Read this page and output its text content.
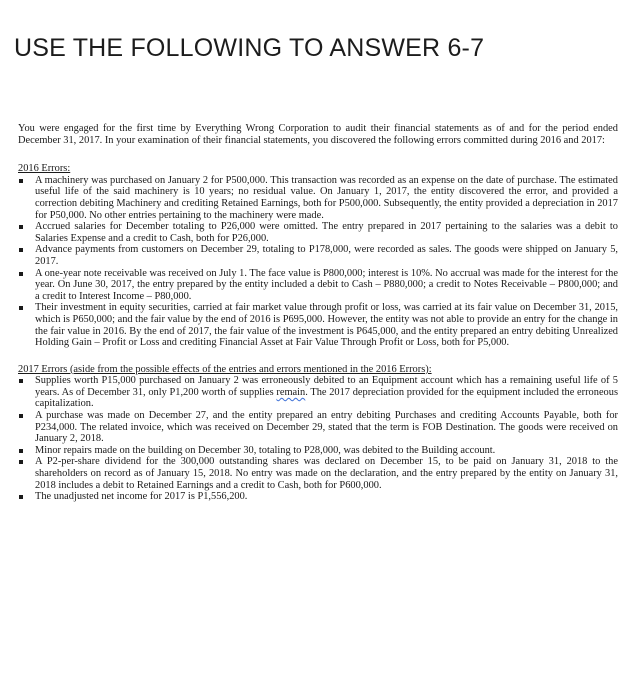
USE THE FOLLOWING TO ANSWER 6-7

You were engaged for the first time by Everything Wrong Corporation to audit their financial statements as of and for the period ended December 31, 2017. In your examination of their financial statements, you discovered the following errors committed during 2016 and 2017:

2016 Errors:

A machinery was purchased on January 2 for P500,000. This transaction was recorded as an expense on the date of purchase. The estimated useful life of the said machinery is 10 years; no residual value. On January 1, 2017, the entity discovered the error, and provided a correction debiting Machinery and crediting Retained Earnings, both for P500,000. Subsequently, the entity provided a depreciation in 2017 for P50,000. No other entries pertaining to the machinery were made.
Accrued salaries for December totaling to P26,000 were omitted. The entry prepared in 2017 pertaining to the salaries was a debit to Salaries Expense and a credit to Cash, both for P26,000.
Advance payments from customers on December 29, totaling to P178,000, were recorded as sales. The goods were shipped on January 5, 2017.
A one-year note receivable was received on July 1. The face value is P800,000; interest is 10%. No accrual was made for the interest for the year. On June 30, 2017, the entry prepared by the entity included a debit to Cash – P880,000; a credit to Notes Receivable – P800,000; and a credit to Interest Income – P80,000.
Their investment in equity securities, carried at fair market value through profit or loss, was carried at its fair value on December 31, 2015, which is P650,000; and the fair value by the end of 2016 is P695,000. However, the entity was not able to provide an entry for the change in the fair value in 2016. By the end of 2017, the fair value of the investment is P645,000, and the entity prepared an entry debiting Unrealized Holding Gain – Profit or Loss and crediting Financial Asset at Fair Value Through Profit or Loss, both for P5,000.

2017 Errors (aside from the possible effects of the entries and errors mentioned in the 2016 Errors):

Supplies worth P15,000 purchased on January 2 was erroneously debited to an Equipment account which has a remaining useful life of 5 years. As of December 31, only P1,200 worth of supplies remain. The 2017 depreciation provided for the equipment included the erroneous capitalization.
A purchase was made on December 27, and the entity prepared an entry debiting Purchases and crediting Accounts Payable, both for P234,000. The related invoice, which was received on December 29, stated that the term is FOB Destination. The goods were received on January 2, 2018.
Minor repairs made on the building on December 30, totaling to P28,000, was debited to the Building account.
A P2-per-share dividend for the 300,000 outstanding shares was declared on December 15, to be paid on January 31, 2018 to the shareholders on record as of January 15, 2018. No entry was made on the declaration, and the entry prepared by the entity on January 31, 2018 includes a debit to Retained Earnings and a credit to Cash, both for P600,000.
The unadjusted net income for 2017 is P1,556,200.
